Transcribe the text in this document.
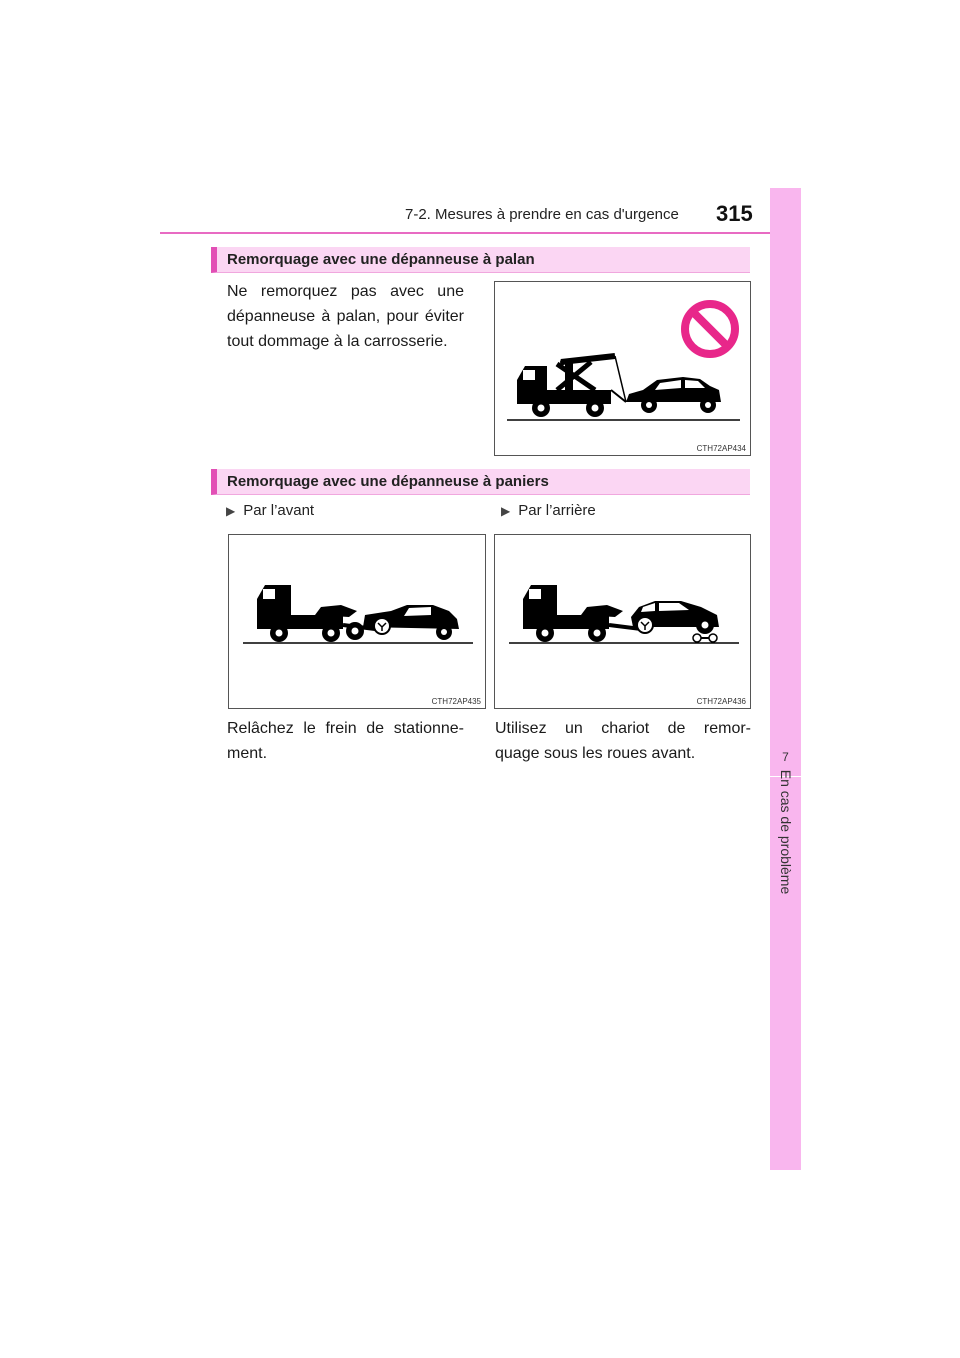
7-2. Mesures à prendre en cas d'urgence 315
7
En cas de problème
Remorquage avec une dépanneuse à palan
Ne remorquez pas avec une
dépanneuse à palan, pour éviter
tout dommage à la carrosserie.
CTH72AP434
Remorquage avec une dépanneuse à paniers
▶ Par l’avant	▶ Par l’arrière
CTH72AP435	CTH72AP436
Relâchez le frein de stationne-
ment.
Utilisez un chariot de remor-
quage sous les roues avant.
